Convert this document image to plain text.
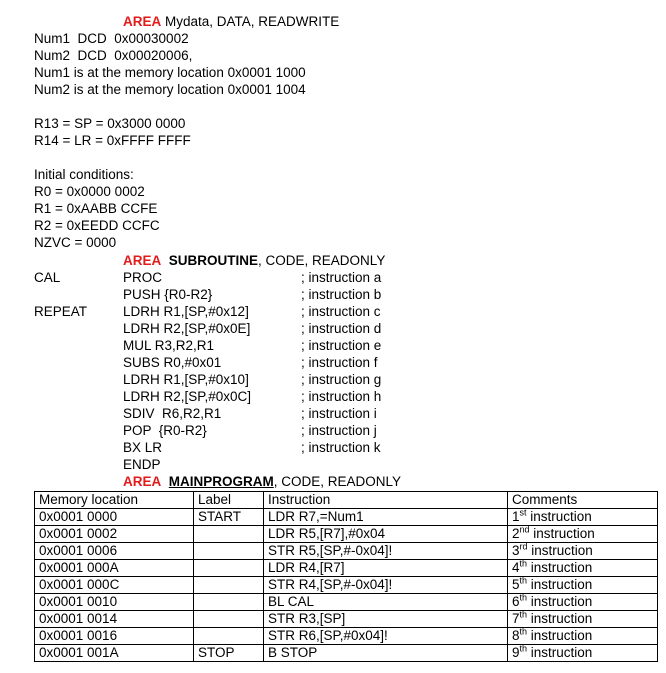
AREA Mydata, DATA, READWRITE
Num1  DCD  0x00030002
Num2  DCD  0x00020006,
Num1 is at the memory location 0x0001 1000
Num2 is at the memory location 0x0001 1004
R13 = SP = 0x3000 0000
R14 = LR = 0xFFFF FFFF
Initial conditions:
R0 = 0x0000 0002
R1 = 0xAABB CCFE
R2 = 0xEEDD CCFC
NZVC = 0000
AREA SUBROUTINE, CODE, READONLY
CAL	PROC	; instruction a
PUSH {R0-R2}	; instruction b
REPEAT	LDRH R1,[SP,#0x12]	; instruction c
LDRH R2,[SP,#0x0E]	; instruction d
MUL R3,R2,R1	; instruction e
SUBS R0,#0x01	; instruction f
LDRH R1,[SP,#0x10]	; instruction g
LDRH R2,[SP,#0x0C]	; instruction h
SDIV  R6,R2,R1	; instruction i
POP  {R0-R2}	; instruction j
BX LR	; instruction k
ENDP
AREA MAINPROGRAM, CODE, READONLY
Memory location	Label	Instruction	Comments
0x0001 0000	START	LDR R7,=Num1	1st instruction
0x0001 0002		LDR R5,[R7],#0x04	2nd instruction
0x0001 0006		STR R5,[SP,#-0x04]!	3rd instruction
0x0001 000A		LDR R4,[R7]	4th instruction
0x0001 000C		STR R4,[SP,#-0x04]!	5th instruction
0x0001 0010		BL CAL	6th instruction
0x0001 0014		STR R3,[SP]	7th instruction
0x0001 0016		STR R6,[SP,#0x04]!	8th instruction
0x0001 001A	STOP	B STOP	9th instruction
